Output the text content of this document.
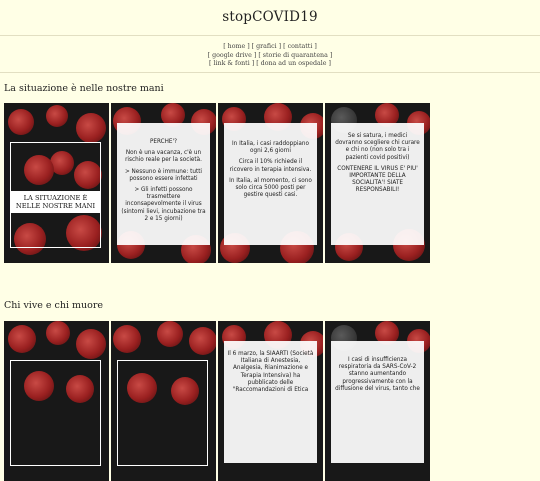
stopCOVID19
[ home ] [ grafici ] [ contatti ]
[ google drive ] [ storie di quarantena ]
[ link & fonti ] [ dona ad un ospedale ]
La situazione è nelle nostre mani
LA SITUAZIONE È NELLE NOSTRE MANI

PERCHE'?

Non è una vacanza, c'è un rischio reale per la società.

> Nessuno è immune: tutti possono essere infettati

> Gli infetti possono trasmettere inconsapevolmente il virus (sintomi lievi, incubazione tra 2 e 15 giorni)

In Italia, i casi raddoppiano ogni 2,6 giorni

Circa il 10% richiede il ricovero in terapia intensiva.

In Italia, al momento, ci sono solo circa 5000 posti per gestire questi casi.

Se si satura, i medici dovranno scegliere chi curare e chi no (non solo tra i pazienti covid positivi)

CONTENERE IL VIRUS E' PIU' IMPORTANTE DELLA SOCIALITA'! SIATE RESPONSABILI!

Chi vive e chi muore

Il 6 marzo, la SIAARTI (Società Italiana di Anestesia, Analgesia, Rianimazione e Terapia Intensiva) ha pubblicato delle "Raccomandazioni di Etica

I casi di insufficienza respiratoria da SARS-CoV-2 stanno aumentando progressivamente con la diffusione del virus, tanto che
